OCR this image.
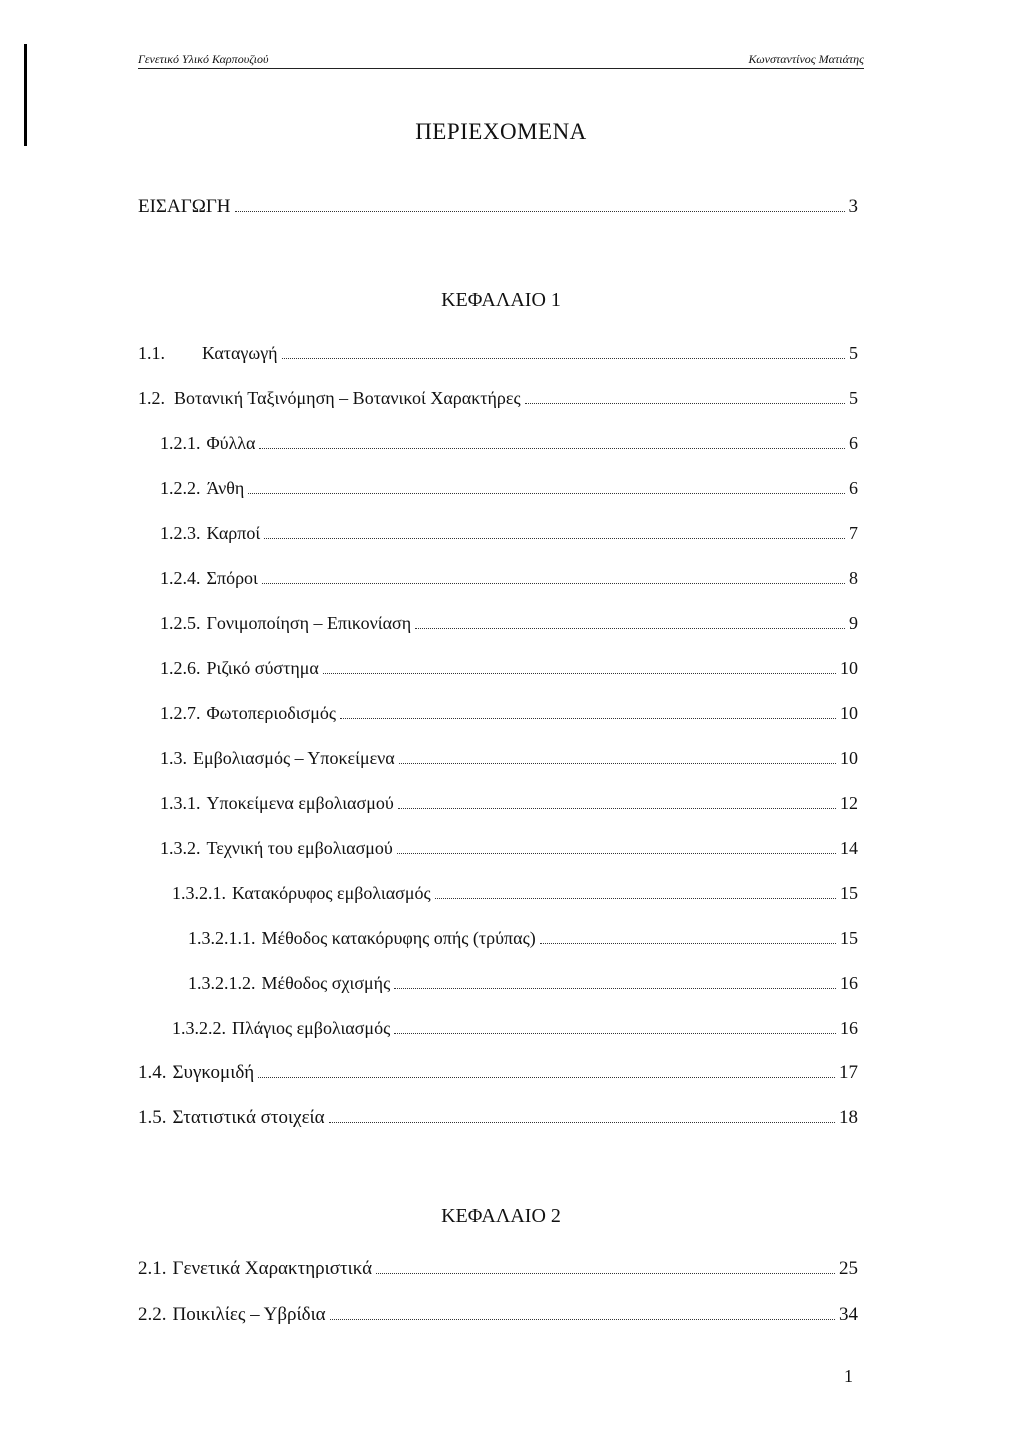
Γενετικό Υλικό Καρπουζιού	Κωνσταντίνος Ματιάτης
ΠΕΡΙΕΧΟΜΕΝΑ
ΕΙΣΑΓΩΓΗ	3
ΚΕΦΑΛΑΙΟ 1
1.1.	Καταγωγή	5
1.2. Βοτανική Ταξινόμηση – Βοτανικοί Χαρακτήρες	5
1.2.1. Φύλλα	6
1.2.2. Άνθη	6
1.2.3. Καρποί	7
1.2.4. Σπόροι	8
1.2.5. Γονιμοποίηση – Επικονίαση	9
1.2.6. Ριζικό σύστημα	10
1.2.7. Φωτοπεριοδισμός	10
1.3. Εμβολιασμός – Υποκείμενα	10
1.3.1. Υποκείμενα εμβολιασμού	12
1.3.2. Τεχνική του εμβολιασμού	14
1.3.2.1. Κατακόρυφος εμβολιασμός	15
1.3.2.1.1. Μέθοδος κατακόρυφης οπής (τρύπας)	15
1.3.2.1.2. Μέθοδος σχισμής	16
1.3.2.2. Πλάγιος εμβολιασμός	16
1.4. Συγκομιδή	17
1.5. Στατιστικά στοιχεία	18
ΚΕΦΑΛΑΙΟ 2
2.1. Γενετικά Χαρακτηριστικά	25
2.2. Ποικιλίες – Υβρίδια	34
1
